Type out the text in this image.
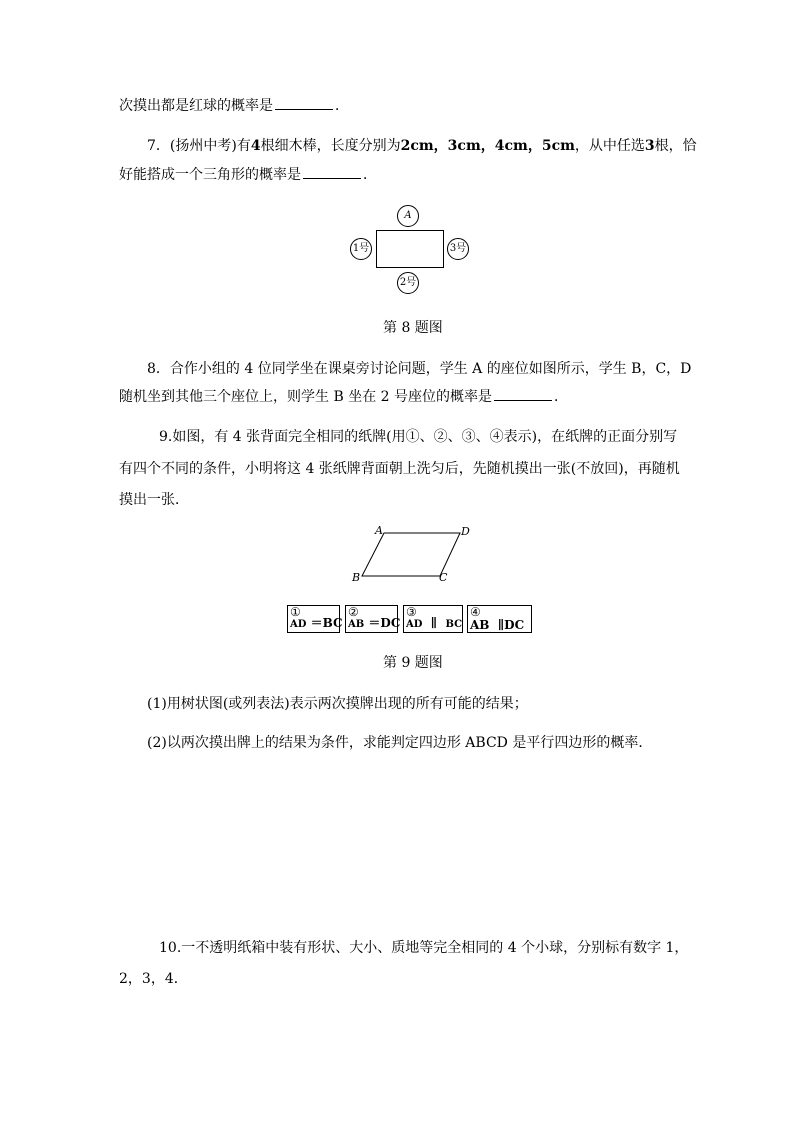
次摸出都是红球的概率是	．
7．(扬州中考)有4根细木棒，长度分别为2cm，3cm，4cm，5cm，从中任选3根，恰
好能搭成一个三角形的概率是	．
A
1号	3号
2号
第 8 题图
8．合作小组的 4 位同学坐在课桌旁讨论问题，学生 A 的座位如图所示，学生 B，C，D
随机坐到其他三个座位上，则学生 B 坐在 2 号座位的概率是	．
9.如图，有 4 张背面完全相同的纸牌(用①、②、③、④表示)，在纸牌的正面分别写
有四个不同的条件，小明将这 4 张纸牌背面朝上洗匀后，先随机摸出一张(不放回)，再随机
摸出一张．
A	D
B	C
①
AD ＝BC
②
AB ＝DC
③
AD ∥ BC
④
AB ∥DC
第 9 题图
(1)用树状图(或列表法)表示两次摸牌出现的所有可能的结果；
(2)以两次摸出牌上的结果为条件，求能判定四边形 ABCD 是平行四边形的概率．
10.一不透明纸箱中装有形状、大小、质地等完全相同的 4 个小球，分别标有数字 1，
2，3，4．
